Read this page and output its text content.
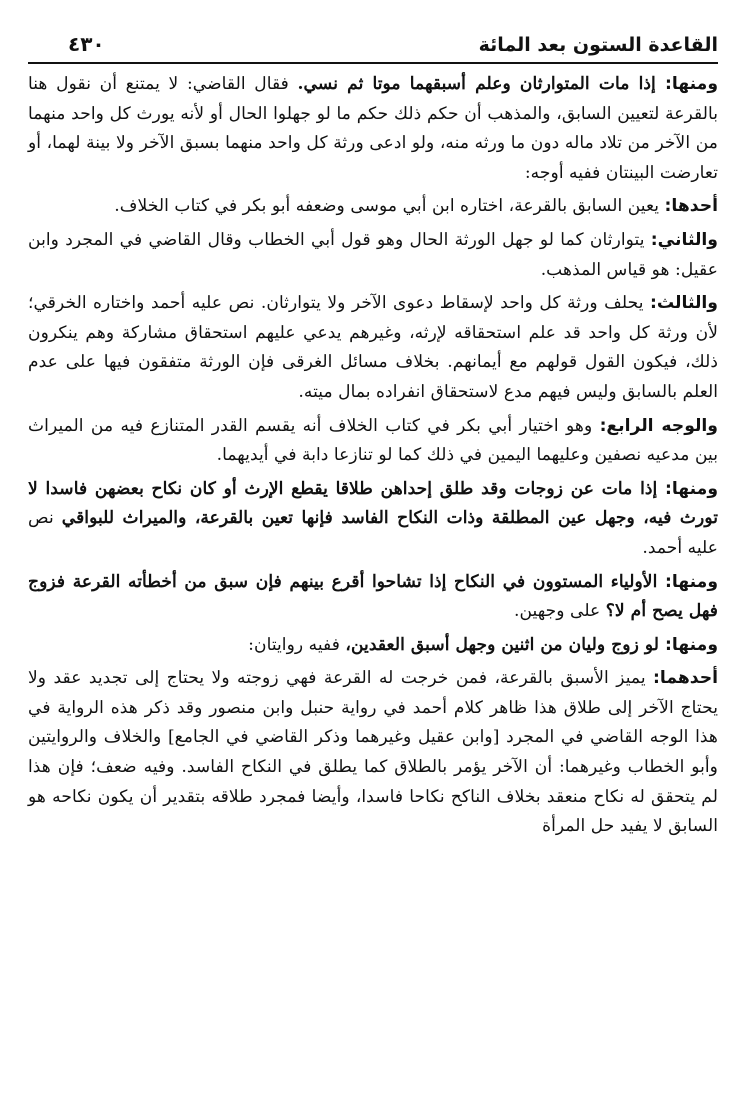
القاعدة الستون بعد المائة
٤٣٠

ومنها: إذا مات المتوارثان وعلم أسبقهما موتا ثم نسي. فقال القاضي: لا يمتنع أن نقول هنا بالقرعة لتعيين السابق، والمذهب أن حكم ذلك حكم ما لو جهلوا الحال أو لأنه يورث كل واحد منهما من الآخر من تلاد ماله دون ما ورثه منه، ولو ادعى ورثة كل واحد منهما بسبق الآخر ولا بينة لهما، أو تعارضت البينتان ففيه أوجه:

أحدها: يعين السابق بالقرعة، اختاره ابن أبي موسى وضعفه أبو بكر في كتاب الخلاف.

والثاني: يتوارثان كما لو جهل الورثة الحال وهو قول أبي الخطاب وقال القاضي في المجرد وابن عقيل: هو قياس المذهب.

والثالث: يحلف ورثة كل واحد لإسقاط دعوى الآخر ولا يتوارثان. نص عليه أحمد واختاره الخرقي؛ لأن ورثة كل واحد قد علم استحقاقه لإرثه، وغيرهم يدعي عليهم استحقاق مشاركة وهم ينكرون ذلك، فيكون القول قولهم مع أيمانهم. بخلاف مسائل الغرقى فإن الورثة متفقون فيها على عدم العلم بالسابق وليس فيهم مدع لاستحقاق انفراده بمال ميته.

والوجه الرابع: وهو اختيار أبي بكر في كتاب الخلاف أنه يقسم القدر المتنازع فيه من الميراث بين مدعيه نصفين وعليهما اليمين في ذلك كما لو تنازعا دابة في أيديهما.

ومنها: إذا مات عن زوجات وقد طلق إحداهن طلاقا يقطع الإرث أو كان نكاح بعضهن فاسدا لا تورث فيه، وجهل عين المطلقة وذات النكاح الفاسد فإنها تعين بالقرعة، والميراث للبواقي نص عليه أحمد.

ومنها: الأولياء المستوون في النكاح إذا تشاحوا أقرع بينهم فإن سبق من أخطأته القرعة فزوج فهل يصح أم لا؟ على وجهين.

ومنها: لو زوج وليان من اثنين وجهل أسبق العقدين، ففيه روايتان:

أحدهما: يميز الأسبق بالقرعة، فمن خرجت له القرعة فهي زوجته ولا يحتاج إلى تجديد عقد ولا يحتاج الآخر إلى طلاق هذا ظاهر كلام أحمد في رواية حنبل وابن منصور وقد ذكر هذه الرواية في هذا الوجه القاضي في المجرد [وابن عقيل وغيرهما وذكر القاضي في الجامع] والخلاف والروايتين وأبو الخطاب وغيرهما: أن الآخر يؤمر بالطلاق كما يطلق في النكاح الفاسد. وفيه ضعف؛ فإن هذا لم يتحقق له نكاح منعقد بخلاف الناكح نكاحا فاسدا، وأيضا فمجرد طلاقه بتقدير أن يكون نكاحه هو السابق لا يفيد حل المرأة
